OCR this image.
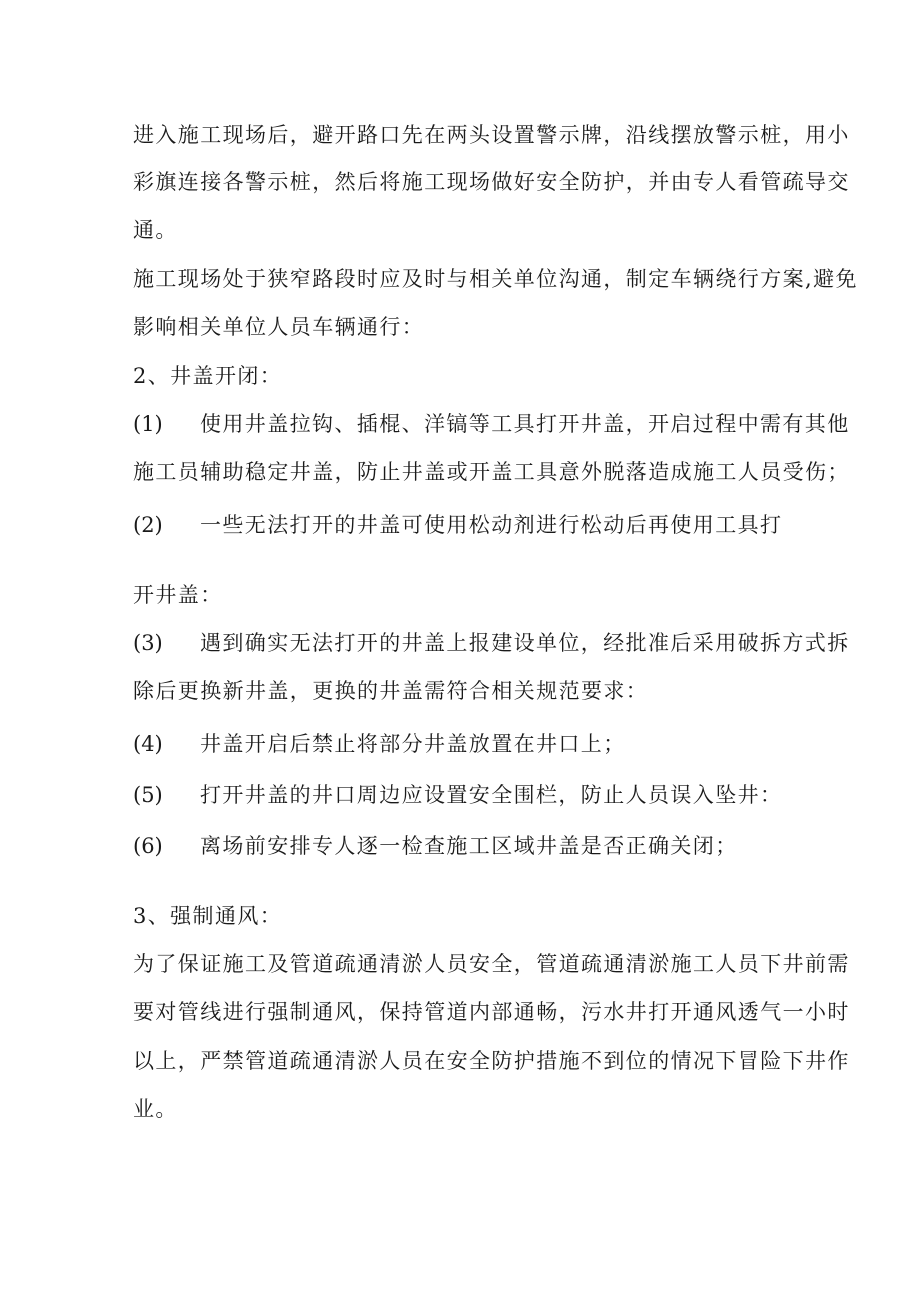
进入施工现场后，避开路口先在两头设置警示牌，沿线摆放警示桩，用小
彩旗连接各警示桩，然后将施工现场做好安全防护，并由专人看管疏导交
通。
施工现场处于狭窄路段时应及时与相关单位沟通，制定车辆绕行方案,避免
影响相关单位人员车辆通行：
2、井盖开闭：
(1) 使用井盖拉钩、插棍、洋镐等工具打开井盖，开启过程中需有其他
施工员辅助稳定井盖，防止井盖或开盖工具意外脱落造成施工人员受伤；
(2) 一些无法打开的井盖可使用松动剂进行松动后再使用工具打
开井盖：
(3) 遇到确实无法打开的井盖上报建设单位，经批准后采用破拆方式拆
除后更换新井盖，更换的井盖需符合相关规范要求：
(4) 井盖开启后禁止将部分井盖放置在井口上；
(5) 打开井盖的井口周边应设置安全围栏，防止人员误入坠井：
(6) 离场前安排专人逐一检查施工区域井盖是否正确关闭；
3、强制通风：
为了保证施工及管道疏通清淤人员安全，管道疏通清淤施工人员下井前需
要对管线进行强制通风，保持管道内部通畅，污水井打开通风透气一小时
以上，严禁管道疏通清淤人员在安全防护措施不到位的情况下冒险下井作
业。
